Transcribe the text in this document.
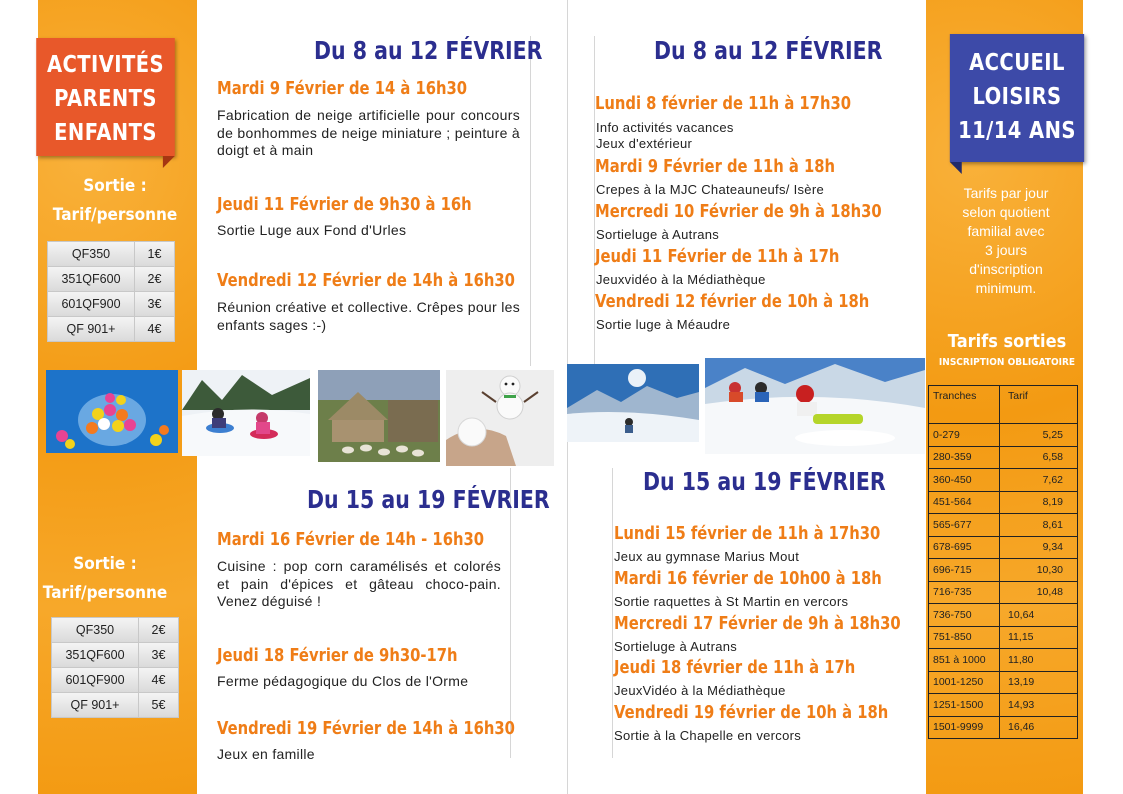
ACTIVITÉS
PARENTS
ENFANTS
ACCUEIL
LOISIRS
11/14 ANS
Sortie :
Tarif/personne
QF350	1€
351QF600	2€
601QF900	3€
QF 901+	4€
Sortie :
Tarif/personne
QF350	2€
351QF600	3€
601QF900	4€
QF 901+	5€
Tarifs par jour
selon quotient
familial avec
3 jours
d'inscription
minimum.
Tarifs sorties
INSCRIPTION OBLIGATOIRE
Tranches	Tarif
0-279	5,25
280-359	6,58
360-450	7,62
451-564	8,19
565-677	8,61
678-695	9,34
696-715	10,30
716-735	10,48
736-750	10,64
751-850	11,15
851 à 1000	11,80
1001-1250	13,19
1251-1500	14,93
1501-9999	16,46
Du 8 au 12 FÉVRIER
Mardi 9 Février de 14 à 16h30
Fabrication de neige artificielle pour concours de bonhommes de neige miniature ; peinture à doigt et à main
Jeudi 11 Février de 9h30 à 16h
Sortie Luge aux Fond d'Urles
Vendredi 12 Février de 14h à 16h30
Réunion créative et collective. Crêpes pour les enfants sages :-)
Du 8 au 12 FÉVRIER
Lundi 8 février de 11h à 17h30
Info activités vacances
Jeux d'extérieur
Mardi 9 Février de 11h à 18h
Crepes à la MJC Chateauneufs/ Isère
Mercredi 10 Février de 9h à 18h30
Sortieluge à Autrans
Jeudi 11 Février de 11h à 17h
Jeuxvidéo à la Médiathèque
Vendredi 12 février de 10h à 18h
Sortie luge à Méaudre
Du 15 au 19 FÉVRIER
Mardi 16 Février de 14h - 16h30
Cuisine : pop corn caramélisés et colorés et pain d'épices et gâteau choco-pain. Venez déguisé !
Jeudi 18 Février de 9h30-17h
Ferme pédagogique du Clos de l'Orme
Vendredi 19 Février de 14h à 16h30
Jeux en famille
Du 15 au 19 FÉVRIER
Lundi 15 février de 11h à 17h30
Jeux au gymnase Marius Mout
Mardi 16 février de 10h00 à 18h
Sortie raquettes à St Martin en vercors
Mercredi 17 Février de 9h à 18h30
Sortieluge à Autrans
Jeudi 18 février de 11h à 17h
JeuxVidéo à la Médiathèque
Vendredi 19 février de 10h à 18h
Sortie à la Chapelle en vercors
